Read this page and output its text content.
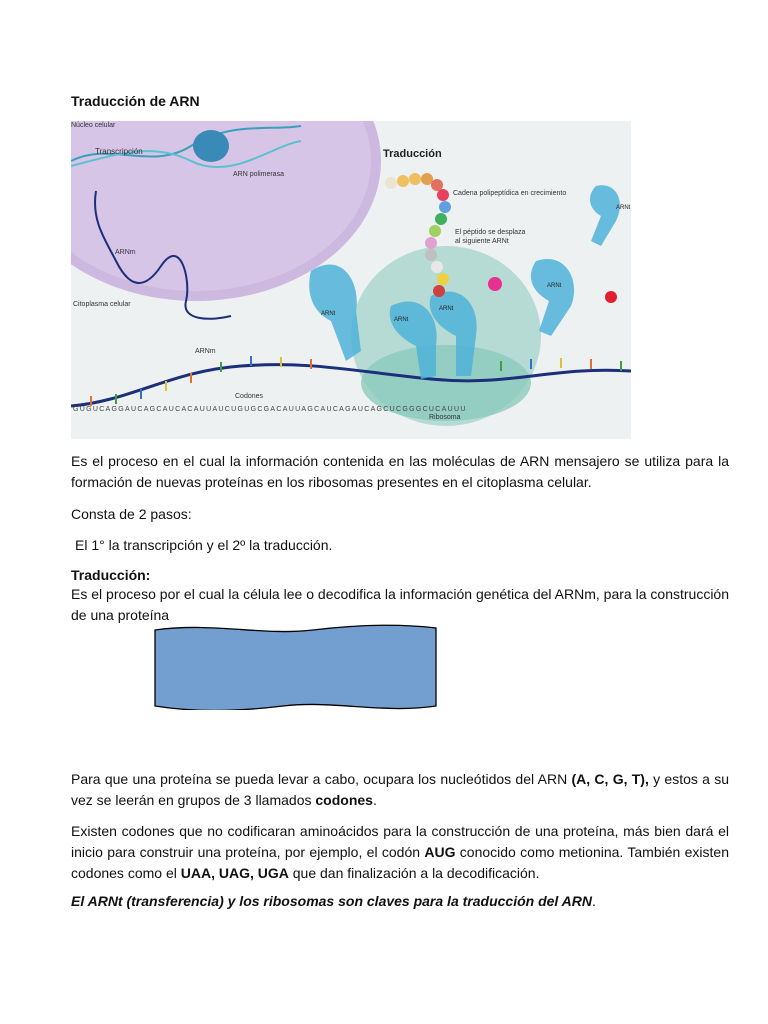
Traducción de ARN
Núcleo celular
Transcripción
ARN polimerasa
ARNm
Citoplasma celular
ARNm
Codones
Traducción
Cadena polipeptídica en crecimiento
El péptido se desplaza
al siguiente ARNt
ARNt
ARNt
ARNt
ARNt
ARNt
Ribosoma
GUGUCAGGAUCAGCAUCACAUUAUCUGUGCGACAUUAGCAUCAGAUCAGCUCGGGCUCAUUU
Es el proceso en el cual la información contenida en las moléculas de ARN mensajero se utiliza para la formación de nuevas proteínas en los ribosomas presentes en el citoplasma celular.
Consta de 2 pasos:
El 1° la transcripción y el 2º la traducción.
Traducción:
Es el proceso por el cual la célula lee o decodifica la información genética del ARNm, para la construcción de una proteína
Para que una proteína se pueda levar a cabo, ocupara los nucleótidos del ARN (A, C, G, T), y estos a su vez se leerán en grupos de 3 llamados codones.
Existen codones que no codificaran aminoácidos para la construcción de una proteína, más bien dará el inicio para construir una proteína, por ejemplo, el codón AUG conocido como metionina. También existen codones como el UAA, UAG, UGA que dan finalización a la decodificación.
El ARNt (transferencia) y los ribosomas son claves para la traducción del ARN.
